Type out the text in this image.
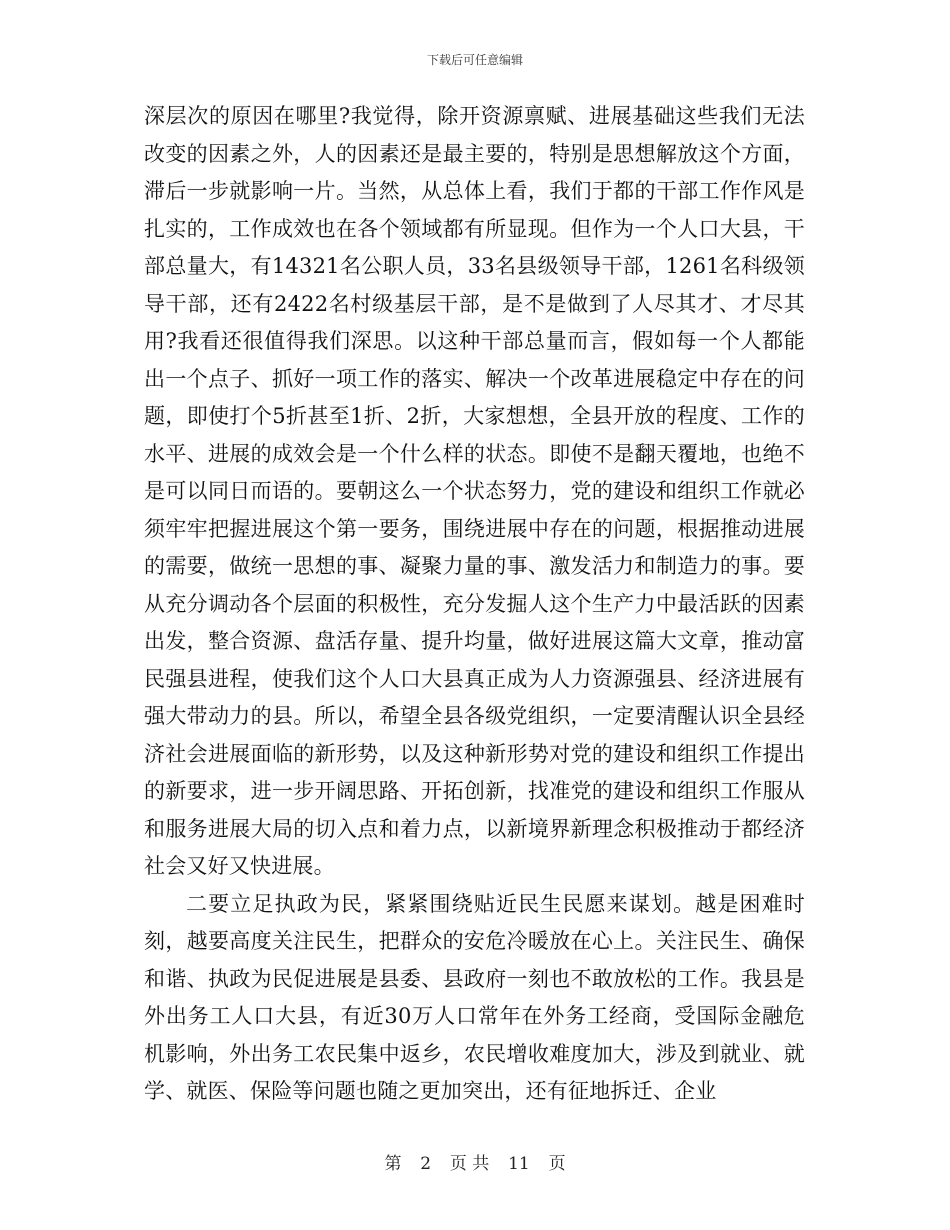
下载后可任意编辑

深层次的原因在哪里?我觉得，除开资源禀赋、进展基础这些我们无法改变的因素之外，人的因素还是最主要的，特别是思想解放这个方面，滞后一步就影响一片。当然，从总体上看，我们于都的干部工作作风是扎实的，工作成效也在各个领域都有所显现。但作为一个人口大县，干部总量大，有14321名公职人员，33名县级领导干部，1261名科级领导干部，还有2422名村级基层干部，是不是做到了人尽其才、才尽其用?我看还很值得我们深思。以这种干部总量而言，假如每一个人都能出一个点子、抓好一项工作的落实、解决一个改革进展稳定中存在的问题，即使打个5折甚至1折、2折，大家想想，全县开放的程度、工作的水平、进展的成效会是一个什么样的状态。即使不是翻天覆地，也绝不是可以同日而语的。要朝这么一个状态努力，党的建设和组织工作就必须牢牢把握进展这个第一要务，围绕进展中存在的问题，根据推动进展的需要，做统一思想的事、凝聚力量的事、激发活力和制造力的事。要从充分调动各个层面的积极性，充分发掘人这个生产力中最活跃的因素出发，整合资源、盘活存量、提升均量，做好进展这篇大文章，推动富民强县进程，使我们这个人口大县真正成为人力资源强县、经济进展有强大带动力的县。所以，希望全县各级党组织，一定要清醒认识全县经济社会进展面临的新形势，以及这种新形势对党的建设和组织工作提出的新要求，进一步开阔思路、开拓创新，找准党的建设和组织工作服从和服务进展大局的切入点和着力点，以新境界新理念积极推动于都经济社会又好又快进展。

二要立足执政为民，紧紧围绕贴近民生民愿来谋划。越是困难时刻，越要高度关注民生，把群众的安危冷暖放在心上。关注民生、确保和谐、执政为民促进展是县委、县政府一刻也不敢放松的工作。我县是外出务工人口大县，有近30万人口常年在外务工经商，受国际金融危机影响，外出务工农民集中返乡，农民增收难度加大，涉及到就业、就学、就医、保险等问题也随之更加突出，还有征地拆迁、企业

第 2 页 共 11 页
